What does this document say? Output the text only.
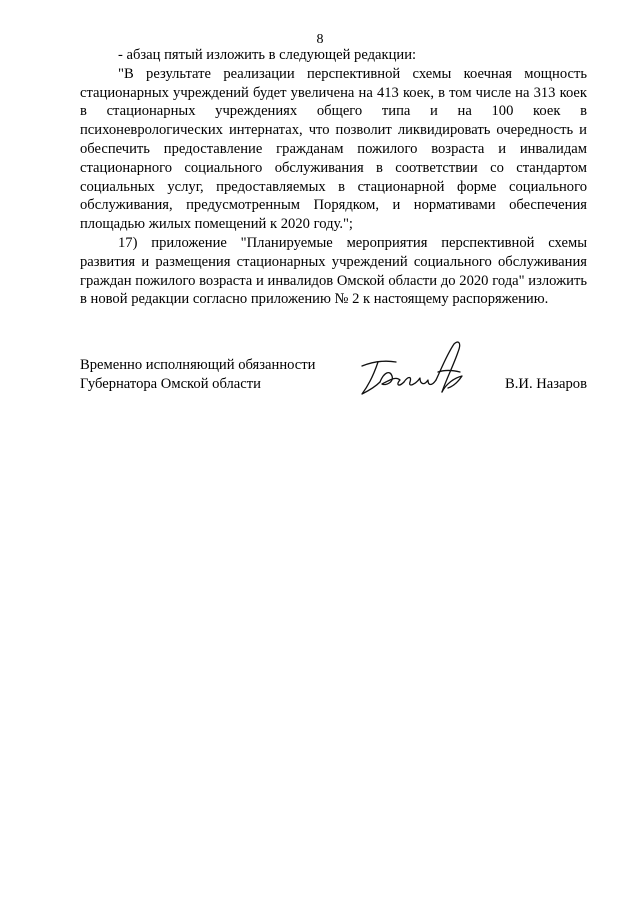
8

- абзац пятый изложить в следующей редакции:

"В результате реализации перспективной схемы коечная мощность стационарных учреждений будет увеличена на 413 коек, в том числе на 313 коек в стационарных учреждениях общего типа и на 100 коек в психоневрологических интернатах, что позволит ликвидировать очередность и обеспечить предоставление гражданам пожилого возраста и инвалидам стационарного социального обслуживания в соответствии со стандартом социальных услуг, предоставляемых в стационарной форме социального обслуживания, предусмотренным Порядком, и нормативами обеспечения площадью жилых помещений к 2020 году.";

17) приложение "Планируемые мероприятия перспективной схемы развития и размещения стационарных учреждений социального обслуживания граждан пожилого возраста и инвалидов Омской области до 2020 года" изложить в новой редакции согласно приложению № 2 к настоящему распоряжению.

Временно исполняющий обязанности
Губернатора Омской области	В.И. Назаров
